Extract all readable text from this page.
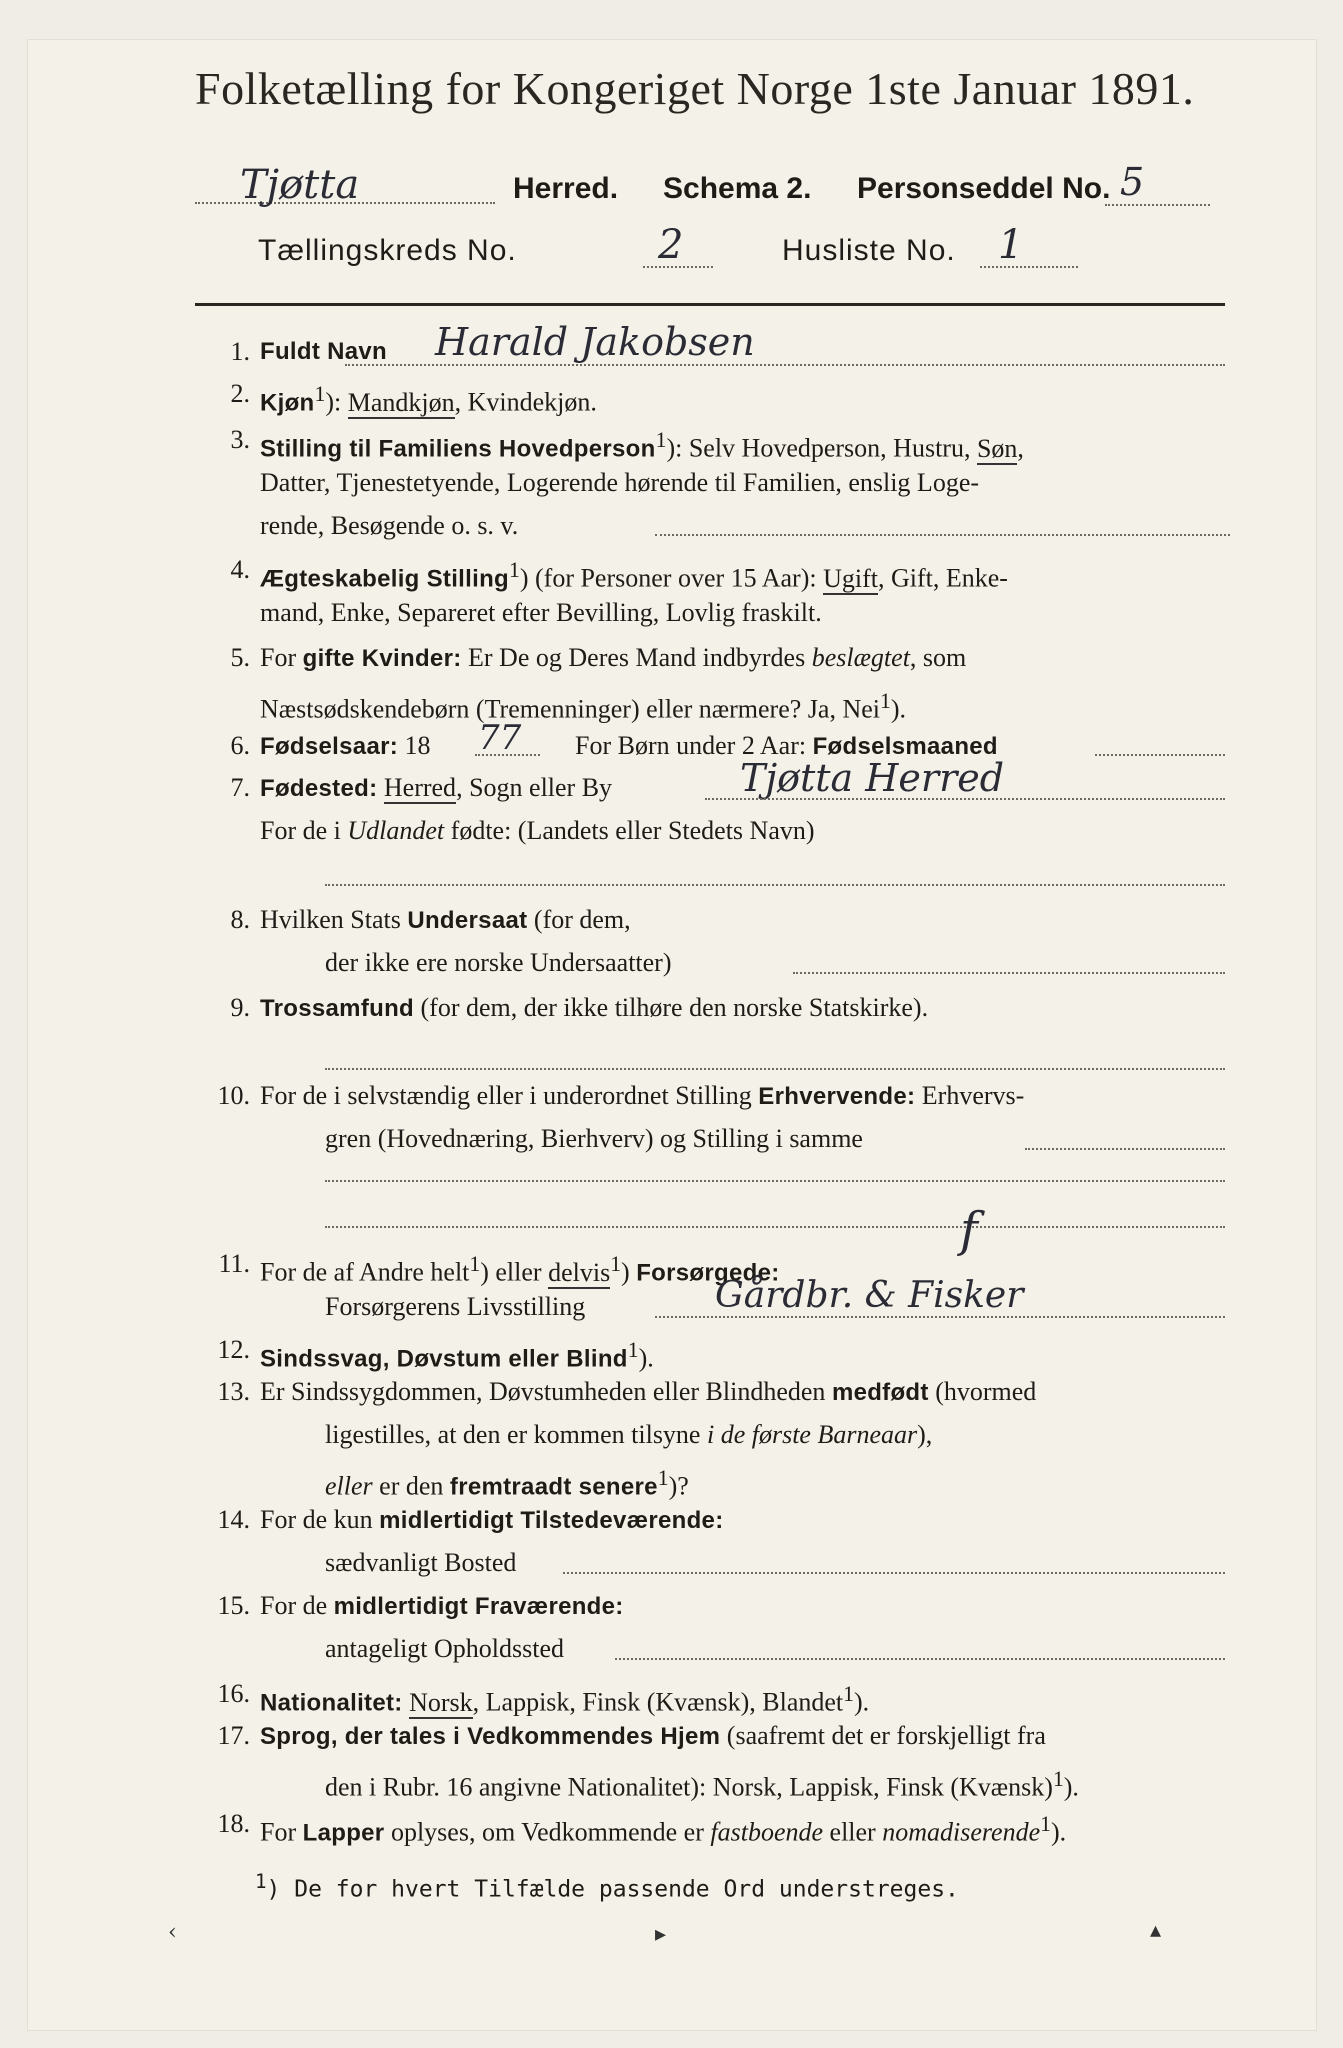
Folketælling for Kongeriget Norge 1ste Januar 1891.
Tjøtta	Herred. Schema 2. Personseddel No. 5
Tællingskreds No.	2	Husliste No. 1
1. Fuldt Navn Harald Jakobsen
2. Kjøn$^1$): Mandkjøn, Kvindekjøn.
3. Stilling til Familiens Hovedperson$^1$): Selv Hovedperson, Hustru, Søn,
Datter, Tjenestetyende, Logerende hørende til Familien, enslig Loge-
rende, Besøgende o. s. v.
4. Ægteskabelig Stilling$^1$) (for Personer over 15 Aar): Ugift, Gift, Enke-
mand, Enke, Separeret efter Bevilling, Lovlig fraskilt.
5. For gifte Kvinder: Er De og Deres Mand indbyrdes beslægtet, som
Næstsødskendebørn (Tremenninger) eller nærmere? Ja, Nei$^1$).
6. Fødselsaar: 18 77 For Børn under 2 Aar: Fødselsmaaned
7. Fødested: Herred, Sogn eller By	Tjøtta Herred
For de i Udlandet fødte: (Landets eller Stedets Navn)
8. Hvilken Stats Undersaat (for dem,
der ikke ere norske Undersaatter)
9. Trossamfund (for dem, der ikke tilhøre den norske Statskirke).
10. For de i selvstændig eller i underordnet Stilling Erhvervende: Erhvervs-
gren (Hovednæring, Bierhverv) og Stilling i samme
11. For de af Andre helt$^1$) eller delvis$^1$) Forsørgede:
f
Forsørgerens Livsstilling	Gårdbr. & Fisker
12. Sindssvag, Døvstum eller Blind$^1$).
13. Er Sindssygdommen, Døvstumheden eller Blindheden medfødt (hvormed
ligestilles, at den er kommen tilsyne i de første Barneaar),
eller er den fremtraadt senere$^1$)?
14. For de kun midlertidigt Tilstedeværende:
sædvanligt Bosted
15. For de midlertidigt Fraværende:
antageligt Opholdssted
16. Nationalitet: Norsk, Lappisk, Finsk (Kvænsk), Blandet$^1$).
17. Sprog, der tales i Vedkommendes Hjem (saafremt det er forskjelligt fra
den i Rubr. 16 angivne Nationalitet): Norsk, Lappisk, Finsk (Kvænsk)$^1$).
18. For Lapper oplyses, om Vedkommende er fastboende eller nomadiserende$^1$).
$^1$) De for hvert Tilfælde passende Ord understreges.
‹	▸	▴
